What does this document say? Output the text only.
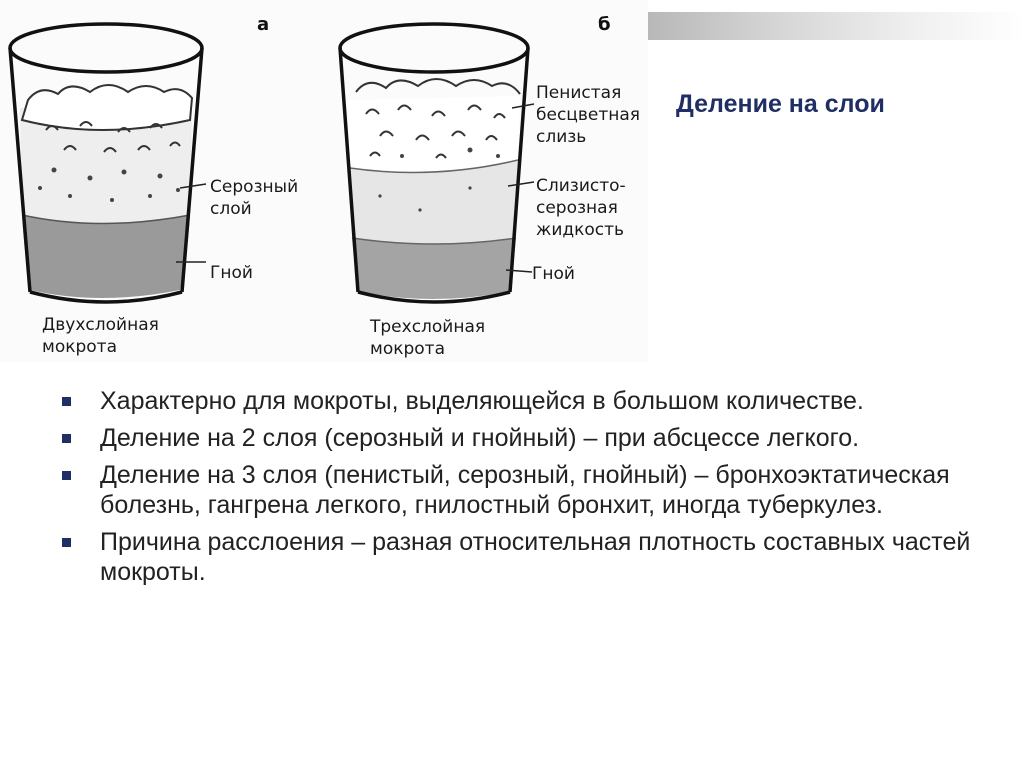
а	б
Серозный
слой
Гной
Двухслойная
мокрота
Пенистая
бесцветная
слизь
Слизисто-
серозная
жидкость
Гной
Трехслойная
мокрота
Деление на слои
Характерно для мокроты, выделяющейся в большом количестве.
Деление на 2 слоя (серозный и гнойный) – при абсцессе легкого.
Деление на 3 слоя (пенистый, серозный, гнойный) – бронхоэктатическая болезнь, гангрена легкого, гнилостный бронхит, иногда туберкулез.
Причина расслоения – разная относительная плотность составных частей мокроты.
